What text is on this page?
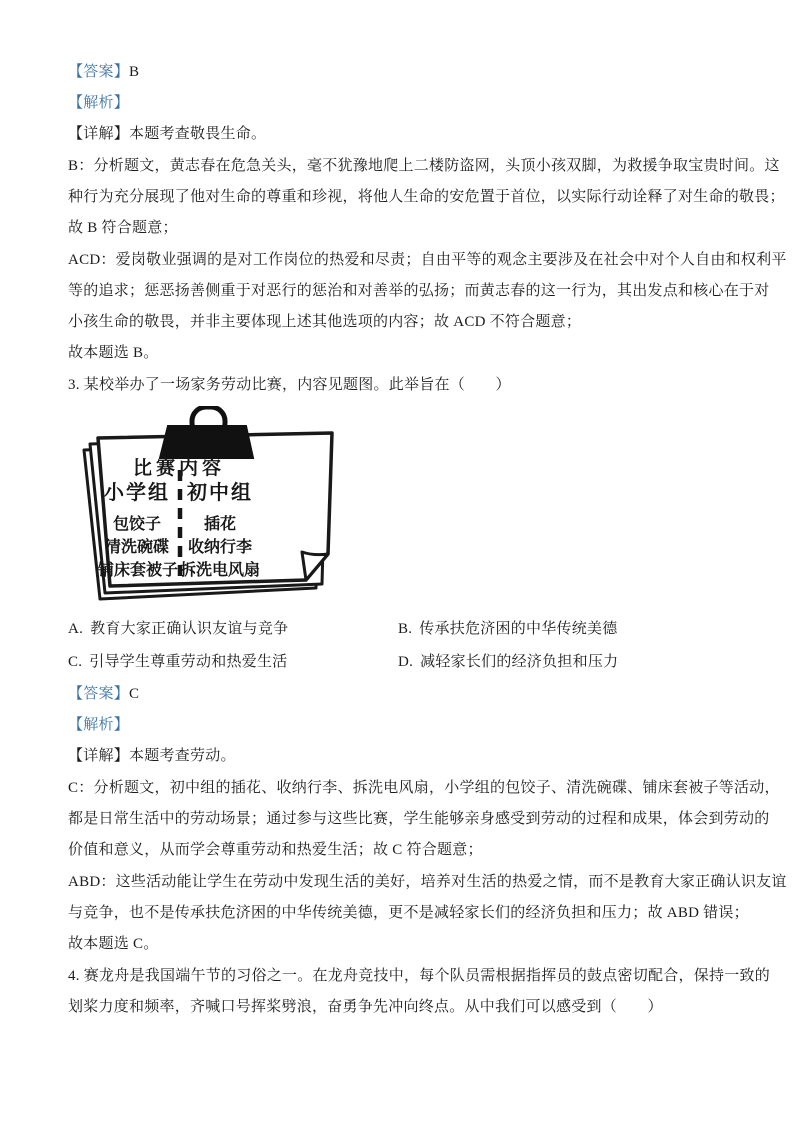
【答案】B
【解析】
【详解】本题考查敬畏生命。
B：分析题文，黄志春在危急关头，毫不犹豫地爬上二楼防盗网，头顶小孩双脚，为救援争取宝贵时间。这
种行为充分展现了他对生命的尊重和珍视，将他人生命的安危置于首位，以实际行动诠释了对生命的敬畏；
故 B 符合题意；
ACD：爱岗敬业强调的是对工作岗位的热爱和尽责；自由平等的观念主要涉及在社会中对个人自由和权利平
等的追求；惩恶扬善侧重于对恶行的惩治和对善举的弘扬；而黄志春的这一行为，其出发点和核心在于对
小孩生命的敬畏，并非主要体现上述其他选项的内容；故 ACD 不符合题意；
故本题选 B。
3. 某校举办了一场家务劳动比赛，内容见题图。此举旨在（　　）
比赛内容
小学组
包饺子
清洗碗碟
铺床套被子
初中组
插花
收纳行李
拆洗电风扇
A. 教育大家正确认识友谊与竞争	B. 传承扶危济困的中华传统美德
C. 引导学生尊重劳动和热爱生活	D. 减轻家长们的经济负担和压力
【答案】C
【解析】
【详解】本题考查劳动。
C：分析题文，初中组的插花、收纳行李、拆洗电风扇，小学组的包饺子、清洗碗碟、铺床套被子等活动，
都是日常生活中的劳动场景；通过参与这些比赛，学生能够亲身感受到劳动的过程和成果，体会到劳动的
价值和意义，从而学会尊重劳动和热爱生活；故 C 符合题意；
ABD：这些活动能让学生在劳动中发现生活的美好，培养对生活的热爱之情，而不是教育大家正确认识友谊
与竞争，也不是传承扶危济困的中华传统美德，更不是减轻家长们的经济负担和压力；故 ABD 错误；
故本题选 C。
4. 赛龙舟是我国端午节的习俗之一。在龙舟竞技中，每个队员需根据指挥员的鼓点密切配合，保持一致的
划桨力度和频率，齐喊口号挥桨劈浪，奋勇争先冲向终点。从中我们可以感受到（　　）
